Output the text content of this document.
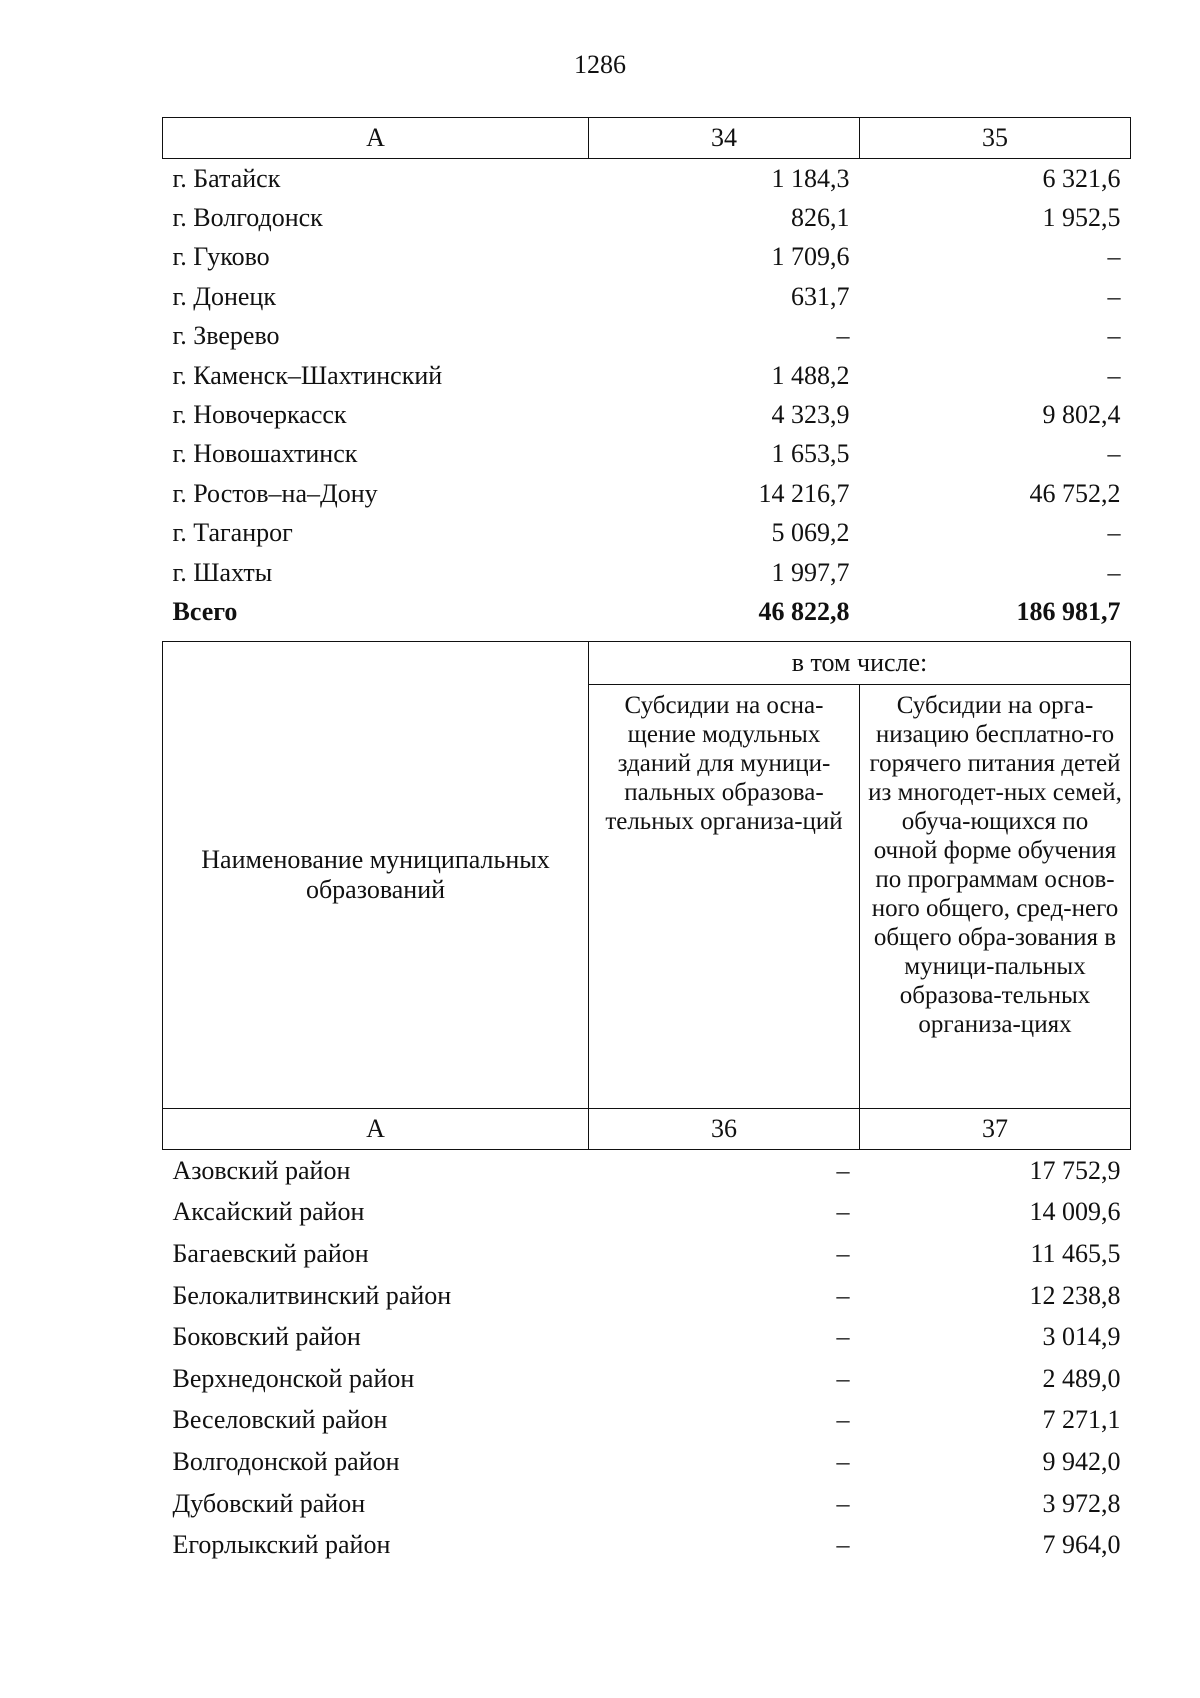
1286
А	34	35
г. Батайск	1 184,3	6 321,6
г. Волгодонск	826,1	1 952,5
г. Гуково	1 709,6	–
г. Донецк	631,7	–
г. Зверево	–	–
г. Каменск–Шахтинский	1 488,2	–
г. Новочеркасск	4 323,9	9 802,4
г. Новошахтинск	1 653,5	–
г. Ростов–на–Дону	14 216,7	46 752,2
г. Таганрог	5 069,2	–
г. Шахты	1 997,7	–
Всего	46 822,8	186 981,7
Наименование муниципальных образований	в том числе:	
	Субсидии на осна-щение модульных зданий для муници-пальных образова-тельных организа-ций	Субсидии на орга-низацию бесплатно-го горячего питания детей из многодет-ных семей, обуча-ющихся по очной форме обучения по программам основ-ного общего, сред-него общего обра-зования в муници-пальных образова-тельных организа-циях
А	36	37
Азовский район	–	17 752,9
Аксайский район	–	14 009,6
Багаевский район	–	11 465,5
Белокалитвинский район	–	12 238,8
Боковский район	–	3 014,9
Верхнедонской район	–	2 489,0
Веселовский район	–	7 271,1
Волгодонской район	–	9 942,0
Дубовский район	–	3 972,8
Егорлыкский район	–	7 964,0
